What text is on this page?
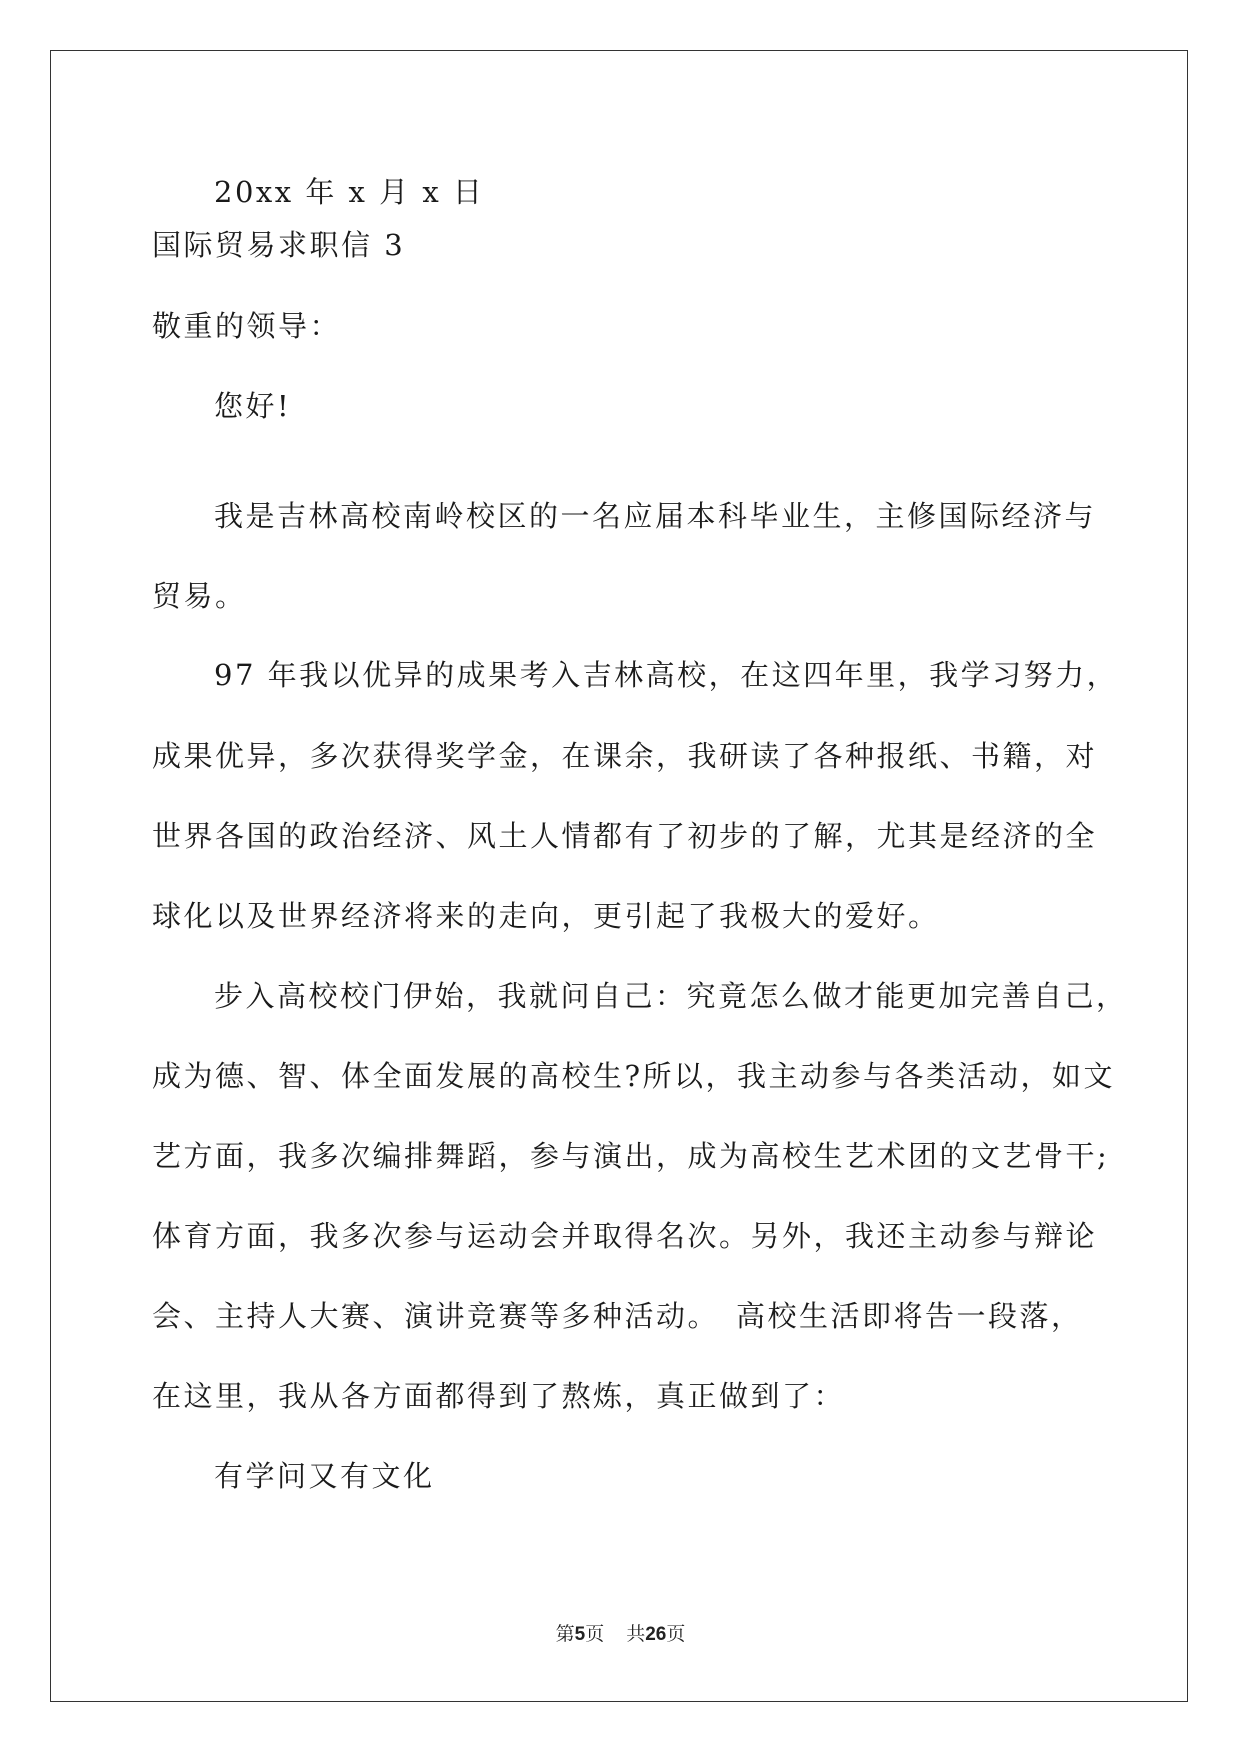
20xx 年 x 月 x 日
国际贸易求职信 3
敬重的领导：
您好!
我是吉林高校南岭校区的一名应届本科毕业生，主修国际经济与
贸易。
97 年我以优异的成果考入吉林高校，在这四年里，我学习努力，
成果优异，多次获得奖学金，在课余，我研读了各种报纸、书籍，对
世界各国的政治经济、风土人情都有了初步的了解，尤其是经济的全
球化以及世界经济将来的走向，更引起了我极大的爱好。
步入高校校门伊始，我就问自己：究竟怎么做才能更加完善自己，
成为德、智、体全面发展的高校生?所以，我主动参与各类活动，如文
艺方面，我多次编排舞蹈，参与演出，成为高校生艺术团的文艺骨干;
体育方面，我多次参与运动会并取得名次。另外，我还主动参与辩论
会、主持人大赛、演讲竞赛等多种活动。　高校生活即将告一段落，
在这里，我从各方面都得到了熬炼，真正做到了：
有学问又有文化
第5页 共26页
